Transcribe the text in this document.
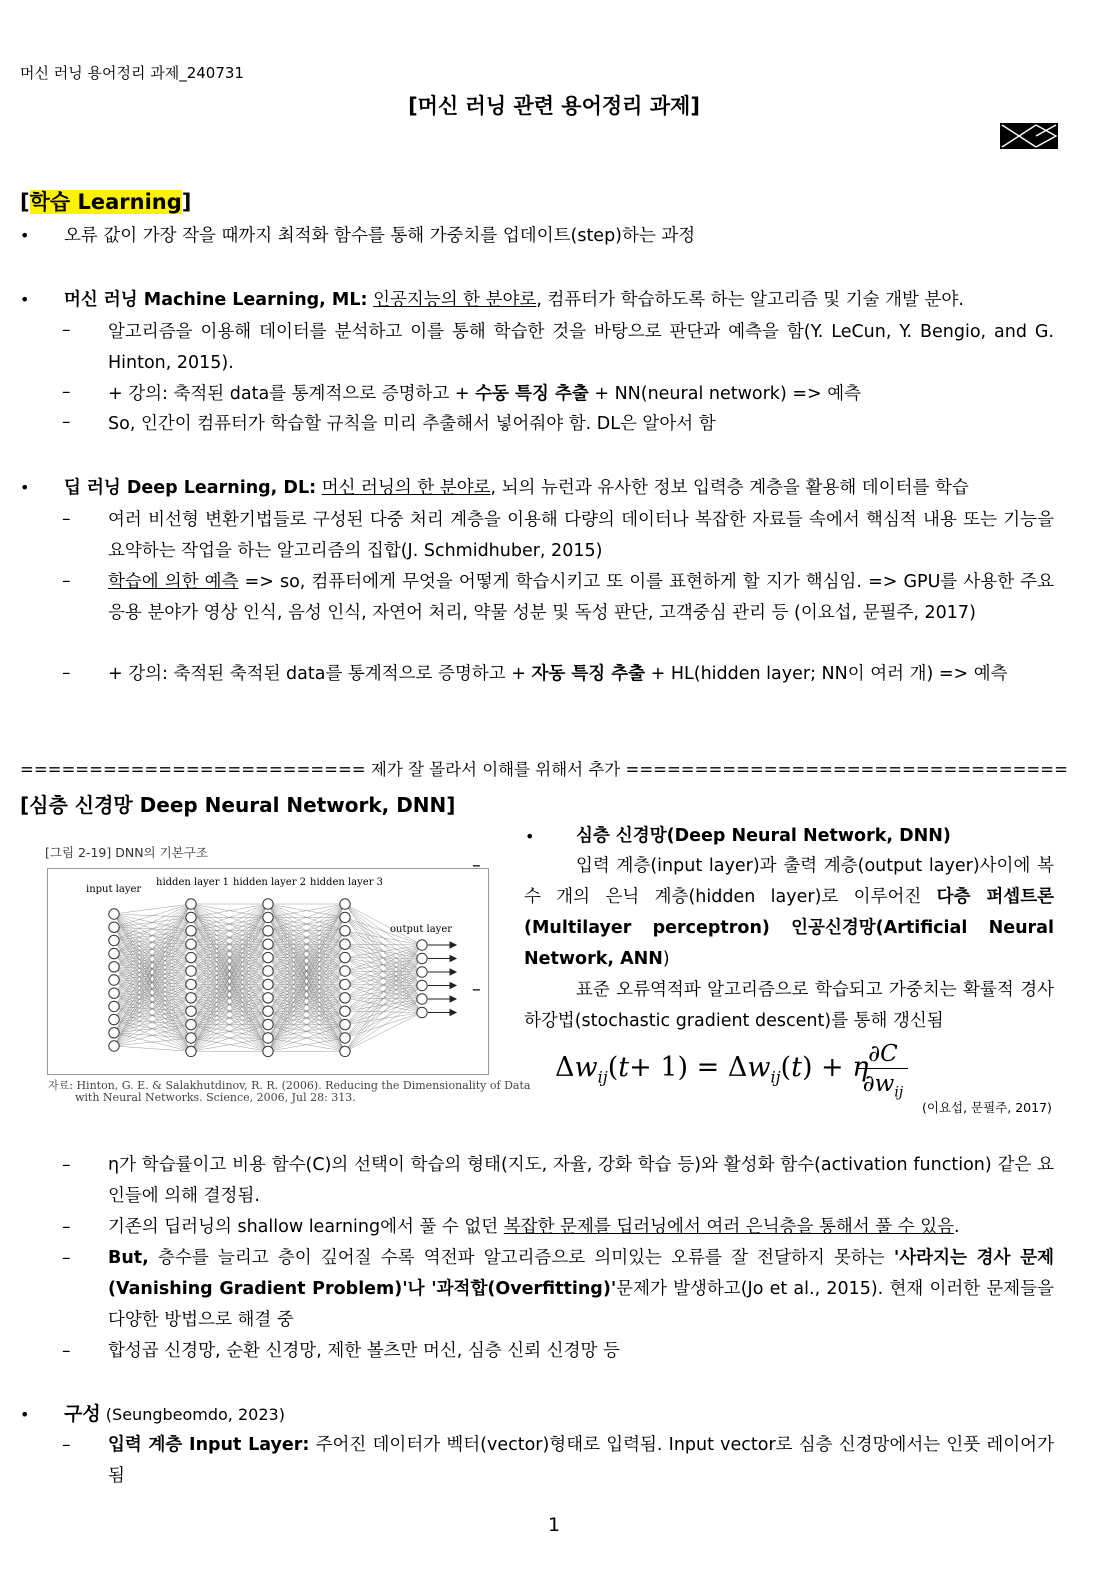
머신 러닝 용어정리 과제_240731
[머신 러닝 관련 용어정리 과제]
[학습 Learning]
• 오류 값이 가장 작을 때까지 최적화 함수를 통해 가중치를 업데이트(step)하는 과정
• 머신 러닝 Machine Learning, ML: 인공지능의 한 분야로, 컴퓨터가 학습하도록 하는 알고리즘 및 기술 개발 분야.
– 알고리즘을 이용해 데이터를 분석하고 이를 통해 학습한 것을 바탕으로 판단과 예측을 함(Y. LeCun, Y. Bengio, and G. Hinton, 2015).
– + 강의: 축적된 data를 통계적으로 증명하고 + 수동 특징 추출 + NN(neural network) => 예측
– So, 인간이 컴퓨터가 학습할 규칙을 미리 추출해서 넣어줘야 함. DL은 알아서 함
• 딥 러닝 Deep Learning, DL: 머신 러닝의 한 분야로, 뇌의 뉴런과 유사한 정보 입력층 계층을 활용해 데이터를 학습
– 여러 비선형 변환기법들로 구성된 다중 처리 계층을 이용해 다량의 데이터나 복잡한 자료들 속에서 핵심적 내용 또는 기능을 요약하는 작업을 하는 알고리즘의 집합(J. Schmidhuber, 2015)
– 학습에 의한 예측 => so, 컴퓨터에게 무엇을 어떻게 학습시키고 또 이를 표현하게 할 지가 핵심임. => GPU를 사용한 주요 응용 분야가 영상 인식, 음성 인식, 자연어 처리, 약물 성분 및 독성 판단, 고객중심 관리 등 (이요섭, 문필주, 2017)
– + 강의: 축적된 축적된 data를 통계적으로 증명하고 + 자동 특징 추출 + HL(hidden layer; NN이 여러 개) => 예측
========================= 제가 잘 몰라서 이해를 위해서 추가 ================================
[심층 신경망 Deep Neural Network, DNN]
[그림 2-19] DNN의 기본구조
input layer
hidden layer 1 hidden layer 2 hidden layer 3
output layer
자료: Hinton, G. E. & Salakhutdinov, R. R. (2006). Reducing the Dimensionality of Data
with Neural Networks. Science, 2006, Jul 28: 313.
• 심층 신경망(Deep Neural Network, DNN)
–	입력 계층(input layer)과 출력 계층(output layer)사이에 복수 개의 은닉 계층(hidden layer)로 이루어진 다층 퍼셉트론(Multilayer perceptron) 인공신경망(Artificial Neural Network, ANN)
–	표준 오류역적파 알고리즘으로 학습되고 가중치는 확률적 경사 하강법(stochastic gradient descent)를 통해 갱신됨
$\Delta w_{ij}(t+ 1) = \Delta w_{ij}(t) + \eta$ ∂C
$\partial w_{ij}$
(이요섭, 문필주, 2017)
– η가 학습률이고 비용 함수(C)의 선택이 학습의 형태(지도, 자율, 강화 학습 등)와 활성화 함수(activation function) 같은 요인들에 의해 결정됨.
– 기존의 딥러닝의 shallow learning에서 풀 수 없던 복잡한 문제를 딥러닝에서 여러 은닉층을 통해서 풀 수 있음.
– But, 층수를 늘리고 층이 깊어질 수록 역전파 알고리즘으로 의미있는 오류를 잘 전달하지 못하는 '사라지는 경사 문제(Vanishing Gradient Problem)'나 '과적합(Overfitting)'문제가 발생하고(Jo et al., 2015). 현재 이러한 문제들을 다양한 방법으로 해결 중
– 합성곱 신경망, 순환 신경망, 제한 볼츠만 머신, 심층 신뢰 신경망 등
• 구성 (Seungbeomdo, 2023)
– 입력 계층 Input Layer: 주어진 데이터가 벡터(vector)형태로 입력됨. Input vector로 심층 신경망에서는 인풋 레이어가 됨
1
